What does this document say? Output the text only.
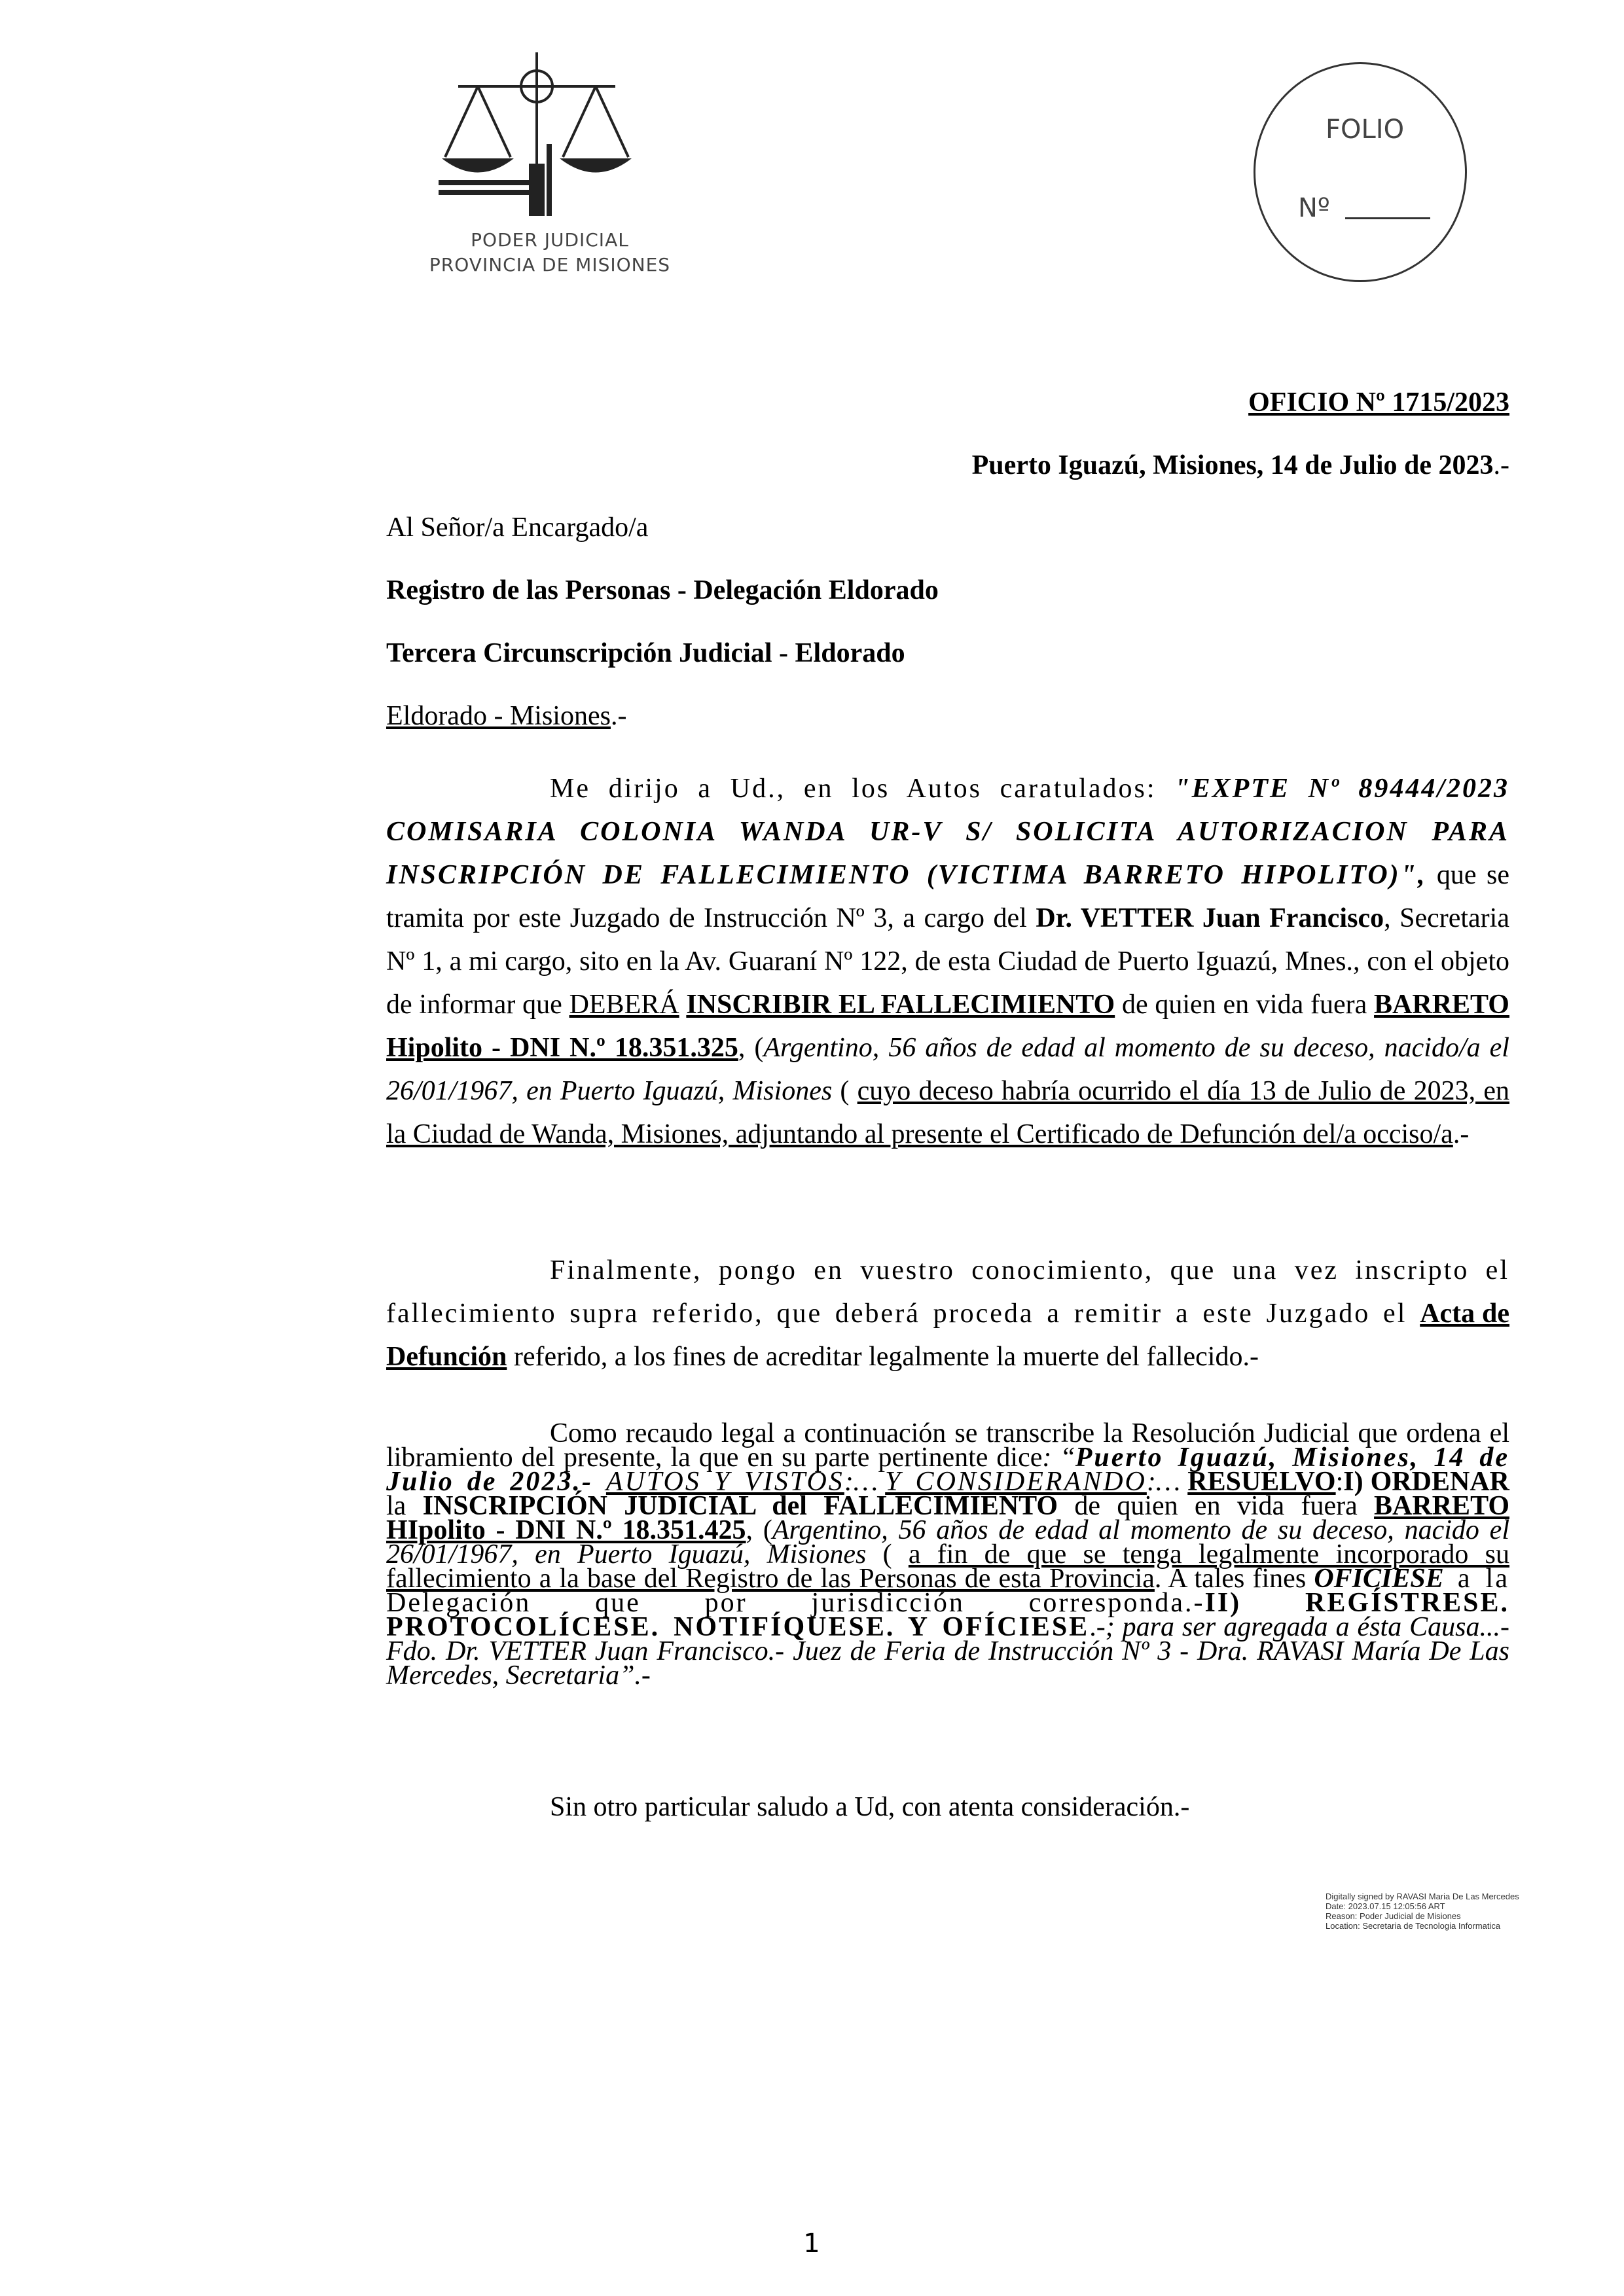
PODER JUDICIAL
PROVINCIA DE MISIONES
FOLIO
Nº
OFICIO Nº 1715/2023
Puerto Iguazú, Misiones, 14 de Julio de 2023.-
Al Señor/a Encargado/a
Registro de las Personas - Delegación Eldorado
Tercera Circunscripción Judicial - Eldorado
Eldorado - Misiones.-
Me dirijo a Ud., en los Autos caratulados: "EXPTE Nº 89444/2023 COMISARIA COLONIA WANDA UR-V S/ SOLICITA AUTORIZACION PARA INSCRIPCIÓN DE FALLECIMIENTO (VICTIMA BARRETO HIPOLITO)", que se tramita por este Juzgado de Instrucción Nº 3, a cargo del Dr. VETTER Juan Francisco, Secretaria Nº 1, a mi cargo, sito en la Av. Guaraní Nº 122, de esta Ciudad de Puerto Iguazú, Mnes., con el objeto de informar que DEBERÁ INSCRIBIR EL FALLECIMIENTO de quien en vida fuera BARRETO Hipolito - DNI N.º 18.351.325, (Argentino, 56 años de edad al momento de su deceso, nacido/a el 26/01/1967, en Puerto Iguazú, Misiones ( cuyo deceso habría ocurrido el día 13 de Julio de 2023, en la Ciudad de Wanda, Misiones, adjuntando al presente el Certificado de Defunción del/a occiso/a.-
Finalmente, pongo en vuestro conocimiento, que una vez inscripto el fallecimiento supra referido, que deberá proceda a remitir a este Juzgado el Acta de Defunción referido, a los fines de acreditar legalmente la muerte del fallecido.-
Como recaudo legal a continuación se transcribe la Resolución Judicial que ordena el libramiento del presente, la que en su parte pertinente dice: “Puerto Iguazú, Misiones, 14 de Julio de 2023.- AUTOS Y VISTOS:… Y CONSIDERANDO:… RESUELVO:I) ORDENAR la INSCRIPCIÓN JUDICIAL del FALLECIMIENTO de quien en vida fuera BARRETO HIpolito - DNI N.º 18.351.425, (Argentino, 56 años de edad al momento de su deceso, nacido el 26/01/1967, en Puerto Iguazú, Misiones ( a fin de que se tenga legalmente incorporado su fallecimiento a la base del Registro de las Personas de esta Provincia. A tales fines OFICIESE a la Delegación que por jurisdicción corresponda.-II) REGÍSTRESE. PROTOCOLÍCESE. NOTIFÍQUESE. Y OFÍCIESE.-; para ser agregada a ésta Causa...- Fdo. Dr. VETTER Juan Francisco.- Juez de Feria de Instrucción Nº 3 - Dra. RAVASI María De Las Mercedes, Secretaria”.-
Sin otro particular saludo a Ud, con atenta consideración.-
Digitally signed by RAVASI Maria De Las Mercedes
Date: 2023.07.15 12:05:56 ART
Reason: Poder Judicial de Misiones
Location: Secretaria de Tecnologia Informatica
1
